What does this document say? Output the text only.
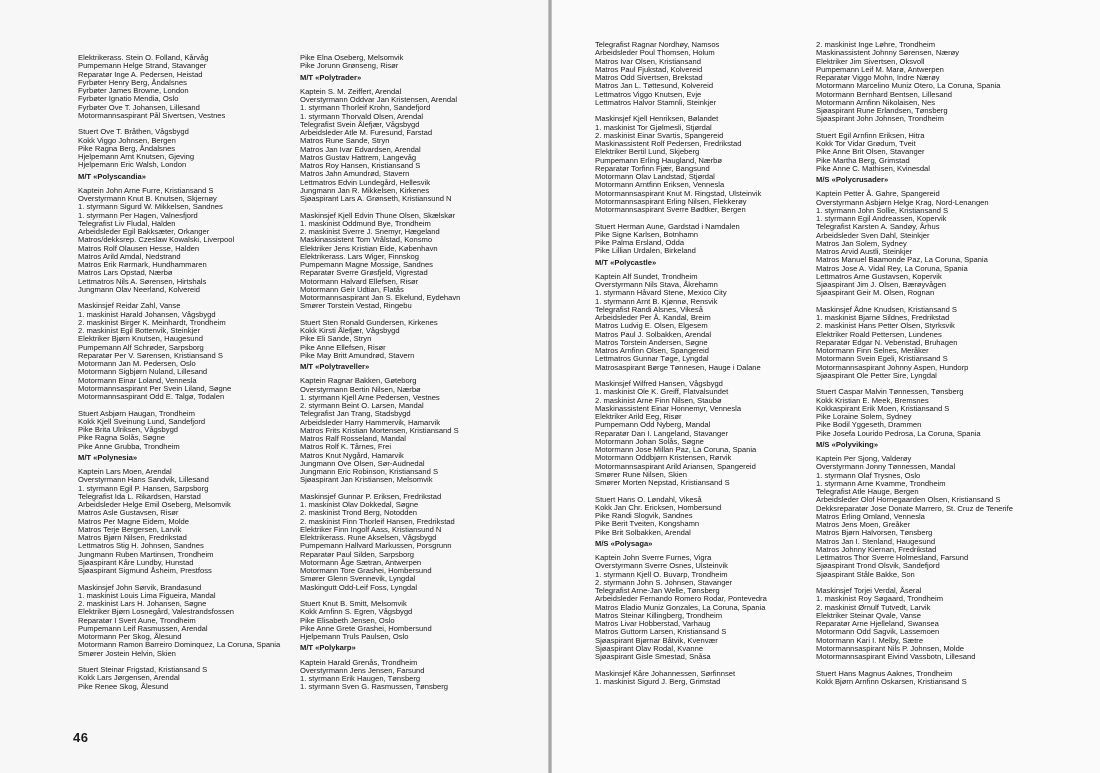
Elektrikerass. Stein O. Folland, Kårvåg
Pumpemann Helge Strand, Stavanger
Reparatør Inge A. Pedersen, Heistad
Fyrbøter Henry Berg, Åndalsnes
Fyrbøter James Browne, London
Fyrbøter Ignatio Mendia, Oslo
Fyrbøter Ove T. Johansen, Lillesand
Motormannsaspirant Pål Sivertsen, Vestnes
Stuert Ove T. Bråthen, Vågsbygd
Kokk Viggo Johnsen, Bergen
Pike Ragna Berg, Åndalsnes
Hjelpemann Arnt Knutsen, Gjeving
Hjelpemann Eric Walsh, London
M/T «Polyscandia»
Kaptein John Arne Furre, Kristiansand S
Overstyrmann Knut B. Knutsen, Skjernøy
1. styrmann Sigurd W. Mikkelsen, Sandnes
1. styrmann Per Hagen, Valnesfjord
Telegrafist Liv Fludal, Halden
Arbeidsleder Egil Bakksæter, Orkanger
Matros/dekksrep. Czeslaw Kowalski, Liverpool
Matros Rolf Olausen Hesse, Halden
Matros Arild Amdal, Nedstrand
Matros Erik Rørmark, Hundhammaren
Matros Lars Opstad, Nærbø
Lettmatros Nils A. Sørensen, Hirtshals
Jungmann Olav Neerland, Kolvereid
Maskinsjef Reidar Zahl, Vanse
1. maskinist Harald Johansen, Vågsbygd
2. maskinist Birger K. Meinhardt, Trondheim
2. maskinist Egil Bottenvik, Steinkjer
Elektriker Bjørn Knutsen, Haugesund
Pumpemann Alf Schrøder, Sarpsborg
Reparatør Per V. Sørensen, Kristiansand S
Motormann Jan M. Pedersen, Oslo
Motormann Sigbjørn Nuland, Lillesand
Motormann Einar Loland, Vennesla
Motormannsaspirant Per Svein Liland, Søgne
Motormannsaspirant Odd E. Talgø, Todalen
Stuert Asbjørn Haugan, Trondheim
Kokk Kjell Sveinung Lund, Sandefjord
Pike Brita Ulriksen, Vågsbygd
Pike Ragna Solås, Søgne
Pike Anne Grubba, Trondheim
M/T «Polynesia»
Kaptein Lars Moen, Arendal
Overstyrmann Hans Sandvik, Lillesand
1. styrmann Egil P. Hansen, Sarpsborg
Telegrafist Ida L. Rikardsen, Harstad
Arbeidsleder Helge Emil Oseberg, Melsomvik
Matros Asle Gustavsen, Risør
Matros Per Magne Eidem, Molde
Matros Terje Bergersen, Larvik
Matros Bjørn Nilsen, Fredrikstad
Lettmatros Stig H. Johnsen, Sandnes
Jungmann Ruben Martinsen, Trondheim
Sjøaspirant Kåre Lundby, Hunstad
Sjøaspirant Sigmund Åsheim, Prestfoss
Maskinsjef John Sørvik, Brandasund
1. maskinist Louis Lima Figueira, Mandal
2. maskinist Lars H. Johansen, Søgne
Elektriker Bjørn Losnegård, Valestrandsfossen
Reparatør I Svert Aune, Trondheim
Pumpemann Leif Rasmussen, Arendal
Motormann Per Skog, Ålesund
Motormann Ramon Barreiro Dominquez, La Coruna, Spania
Smører Jostein Helvin, Skien
Stuert Steinar Frigstad, Kristiansand S
Kokk Lars Jørgensen, Arendal
Pike Renee Skog, Ålesund
Pike Elna Oseberg, Melsomvik
Pike Jorunn Grønseng, Risør
M/T «Polytrader»
Kaptein S. M. Zeiffert, Arendal
Overstyrmann Oddvar Jan Kristensen, Arendal
1. styrmann Thorleif Krohn, Sandefjord
1. styrmann Thorvald Olsen, Arendal
Telegrafist Svein Ålefjær, Vågsbygd
Arbeidsleder Atle M. Furesund, Farstad
Matros Rune Sande, Stryn
Matros Jan Ivar Edvardsen, Arendal
Matros Gustav Hattrem, Langevåg
Matros Roy Hansen, Kristiansand S
Matros Jahn Amundrød, Stavern
Lettmatros Edvin Lundegård, Hellesvik
Jungmann Jan R. Mikkelsen, Kirkenes
Sjøaspirant Lars A. Grønseth, Kristiansund N
Maskinsjef Kjell Edvin Thune Olsen, Skælskør
1. maskinist Oddmund Bye, Trondheim
2. maskinist Sverre J. Snemyr, Hægeland
Maskinassistent Tom Vrålstad, Konsmo
Elektriker Jens Kristian Eide, København
Elektrikerass. Lars Wiger, Finnskog
Pumpemann Magne Mossige, Sandnes
Reparatør Sverre Grøsfjeld, Vigrestad
Motormann Halvard Ellefsen, Risør
Motormann Geir Udtian, Flatås
Motormannsaspirant Jan S. Ekelund, Eydehavn
Smører Torstein Vestad, Ringebu
Stuert Sten Ronald Gundersen, Kirkenes
Kokk Kirsti Ålefjær, Vågsbygd
Pike Eli Sande, Stryn
Pike Anne Ellefsen, Risør
Pike May Britt Amundrød, Stavern
M/T «Polytraveller»
Kaptein Ragnar Bakken, Gøteborg
Overstyrmann Bertin Nilsen, Nærbø
1. styrmann Kjell Arne Pedersen, Vestnes
2. styrmann Beint O. Larsen, Mandal
Telegrafist Jan Trang, Stadsbygd
Arbeidsleder Harry Hammervik, Hamarvik
Matros Frits Kristian Mortensen, Kristiansand S
Matros Ralf Rosseland, Mandal
Matros Rolf K. Tårnes, Frei
Matros Knut Nygård, Hamarvik
Jungmann Ove Olsen, Sør-Audnedal
Jungmann Eric Robinson, Kristiansand S
Sjøaspirant Jan Kristiansen, Melsomvik
Maskinsjef Gunnar P. Eriksen, Fredrikstad
1. maskinist Olav Dokkedal, Søgne
2. maskinist Trond Berg, Notodden
2. maskinist Finn Thorleif Hansen, Fredrikstad
Elektriker Finn Ingolf Aass, Kristiansund N
Elektrikerass. Rune Akselsen, Vågsbygd
Pumpemann Hallvard Markussen, Porsgrunn
Reparatør Paul Silden, Sarpsborg
Motormann Åge Sætran, Antwerpen
Motormann Tore Grashei, Hombersund
Smører Glenn Svennevik, Lyngdal
Maskingutt Odd-Leif Foss, Lyngdal
Stuert Knut B. Smitt, Melsomvik
Kokk Arnfinn S. Egren, Vågsbygd
Pike Elisabeth Jensen, Oslo
Pike Anne Grete Grashei, Hombersund
Hjelpemann Truls Paulsen, Oslo
M/T «Polykarp»
Kaptein Harald Grenås, Trondheim
Overstyrmann Jens Jensen, Farsund
1. styrmann Erik Haugen, Tønsberg
1. styrmann Sven G. Rasmussen, Tønsberg
46
Telegrafist Ragnar Nordhøy, Namsos
Arbeidsleder Poul Thomsen, Holum
Matros Ivar Olsen, Kristiansand
Matros Paul Fjukstad, Kolvereid
Matros Odd Sivertsen, Brekstad
Matros Jan L. Tøttesund, Kolvereid
Lettmatros Viggo Knutsen, Evje
Lettmatros Halvor Stamnli, Steinkjer
Maskinsjef Kjell Henriksen, Bølandet
1. maskinist Tor Gjølmesli, Stjørdal
2. maskinist Einar Svartis, Spangereid
Maskinassistent Rolf Pedersen, Fredrikstad
Elektriker Bertil Lund, Skjeberg
Pumpemann Erling Haugland, Nærbø
Reparatør Torfinn Fjær, Bangsund
Motormann Olav Landstad, Stjørdal
Motormann Arntfinn Eriksen, Vennesla
Motormannsaspirant Knut M. Ringstad, Ulsteinvik
Motormannsaspirant Erling Nilsen, Flekkerøy
Motormannsaspirant Sverre Bødtker, Bergen
Stuert Herman Aune, Gardstad i Namdalen
Pike Signe Karlsen, Botnhamn
Pike Palma Ersland, Odda
Pike Lillian Urdalen, Birkeland
M/T «Polycastle»
Kaptein Alf Sundet, Trondheim
Overstyrmann Nils Stava, Åkrehamn
1. styrmann Håvard Stene, Mexico City
1. styrmann Arnt B. Kjønnø, Rensvik
Telegrafist Randi Alsnes, Vikeså
Arbeidsleder Per Å. Kandal, Breim
Matros Ludvig E. Olsen, Elgesem
Matros Paul J. Solbakken, Arendal
Matros Torstein Andersen, Søgne
Matros Arnfinn Olsen, Spangereid
Lettmatros Gunnar Tøge, Lyngdal
Matrosaspirant Børge Tønnesen, Hauge i Dalane
Maskinsjef Wilfred Hansen, Vågsbygd
1. maskinist Ole K. Greiff, Flatvalsundet
2. maskinist Arne Finn Nilsen, Staubø
Maskinassistent Einar Honnemyr, Vennesla
Elektriker Arild Eeg, Risør
Pumpemann Odd Nyberg, Mandal
Reparatør Dan I. Langeland, Stavanger
Motormann Johan Solås, Søgne
Motormann Jose Millan Paz, La Coruna, Spania
Motormann Oddbjørn Kristensen, Rørvik
Motormannsaspirant Arild Ariansen, Spangereid
Smører Rune Nilsen, Skien
Smører Morten Nepstad, Kristiansand S
Stuert Hans O. Løndahl, Vikeså
Kokk Jan Chr. Ericksen, Hombersund
Pike Randi Slogvik, Sandnes
Pike Berit Tveiten, Kongshamn
Pike Brit Solbakken, Arendal
M/S «Polysaga»
Kaptein John Sverre Furnes, Vigra
Overstyrmann Sverre Osnes, Ulsteinvik
1. styrmann Kjell O. Buvarp, Trondheim
2. styrmann John S. Johnsen, Stavanger
Telegrafist Arne-Jan Welle, Tønsberg
Arbeidsleder Fernando Romero Rodar, Pontevedra
Matros Eladio Muniz Gonzales, La Coruna, Spania
Matros Steinar Killingberg, Trondheim
Matros Livar Hobberstad, Varhaug
Matros Guttorm Larsen, Kristiansand S
Sjøaspirant Bjørnar Båtvik, Kvenvær
Sjøaspirant Olav Rodal, Kvanne
Sjøaspirant Gisle Smestad, Snåsa
Maskinsjef Kåre Johannessen, Sørfinnset
1. maskinist Sigurd J. Berg, Grimstad
2. maskinist Inge Løhre, Trondheim
Maskinassistent Johnny Sørensen, Nærøy
Elektriker Jim Sivertsen, Oksvoll
Pumpemann Leif M. Marø, Antwerpen
Reparatør Viggo Mohn, Indre Nærøy
Motormann Marcelino Muniz Otero, La Coruna, Spania
Motormann Bernhard Bentsen, Lillesand
Motormann Arnfinn Nikolaisen, Nes
Sjøaspirant Rune Erlandsen, Tønsberg
Sjøaspirant John Johnsen, Trondheim
Stuert Egil Arnfinn Eriksen, Hitra
Kokk Tor Vidar Grødum, Tveit
Pike Anne Brit Olsen, Stavanger
Pike Martha Berg, Grimstad
Pike Anne C. Mathisen, Kvinesdal
M/S «Polycrusader»
Kaptein Petter Å. Gahre, Spangereid
Overstyrmann Asbjørn Helge Krag, Nord-Lenangen
1. styrmann John Sollie, Kristiansand S
1. styrmann Egil Andreassen, Kopervik
Telegrafist Karsten A. Sandøy, Århus
Arbeidsleder Sven Dahl, Steinkjer
Matros Jan Solem, Sydney
Matros Arvid Austli, Steinkjer
Matros Manuel Baamonde Paz, La Coruna, Spania
Matros Jose A. Vidal Rey, La Coruna, Spania
Lettmatros Arne Gustavsen, Kopervik
Sjøaspirant Jim J. Olsen, Bærøyvågen
Sjøaspirant Geir M. Olsen, Rognan
Maskinsjef Ådne Knudsen, Kristiansand S
1. maskinist Bjarne Sildnes, Fredrikstad
2. maskinist Hans Petter Olsen, Styrksvik
Elektriker Roald Pettersen, Lundenes
Reparatør Edgar N. Vebenstad, Bruhagen
Motormann Finn Selnes, Meråker
Motormann Svein Egeli, Kristiansand S
Motormannsaspirant Johnny Aspen, Hundorp
Sjøaspirant Ole Petter Sire, Lyngdal
Stuert Caspar Malvin Tønnessen, Tønsberg
Kokk Kristian E. Meek, Bremsnes
Kokkaspirant Erik Moen, Kristiansand S
Pike Loraine Solem, Sydney
Pike Bodil Yggeseth, Drammen
Pike Josefa Lourido Pedrosa, La Coruna, Spania
M/S «Polyviking»
Kaptein Per Sjong, Valderøy
Overstyrmann Jonny Tønnessen, Mandal
1. styrmann Olaf Trysnes, Oslo
1. styrmann Arne Kvamme, Trondheim
Telegrafist Atle Hauge, Bergen
Arbeidsleder Olof Hornegaarden Olsen, Kristiansand S
Dekksreparatør Jose Donate Marrero, St. Cruz de Tenerife
Matros Erling Omland, Vennesla
Matros Jens Moen, Greåker
Matros Bjørn Halvorsen, Tønsberg
Matros Jan I. Stenland, Haugesund
Matros Johnny Kiernan, Fredrikstad
Lettmatros Thor Sverre Holmesland, Farsund
Sjøaspirant Trond Olsvik, Sandefjord
Sjøaspirant Ståle Bakke, Son
Maskinsjef Torjei Verdal, Åseral
1. maskinist Roy Søgaard, Trondheim
2. maskinist Ørnulf Tutvedt, Larvik
Elektriker Steinar Qvale, Vanse
Reparatør Arne Hjelleland, Swansea
Motormann Odd Sagvik, Lassemoen
Motormann Kari I. Melby, Sætre
Motormannsaspirant Nils P. Johnsen, Molde
Motormannsaspirant Eivind Vassbotn, Lillesand
Stuert Hans Magnus Aaknes, Trondheim
Kokk Bjørn Arnfinn Oskarsen, Kristiansand S
